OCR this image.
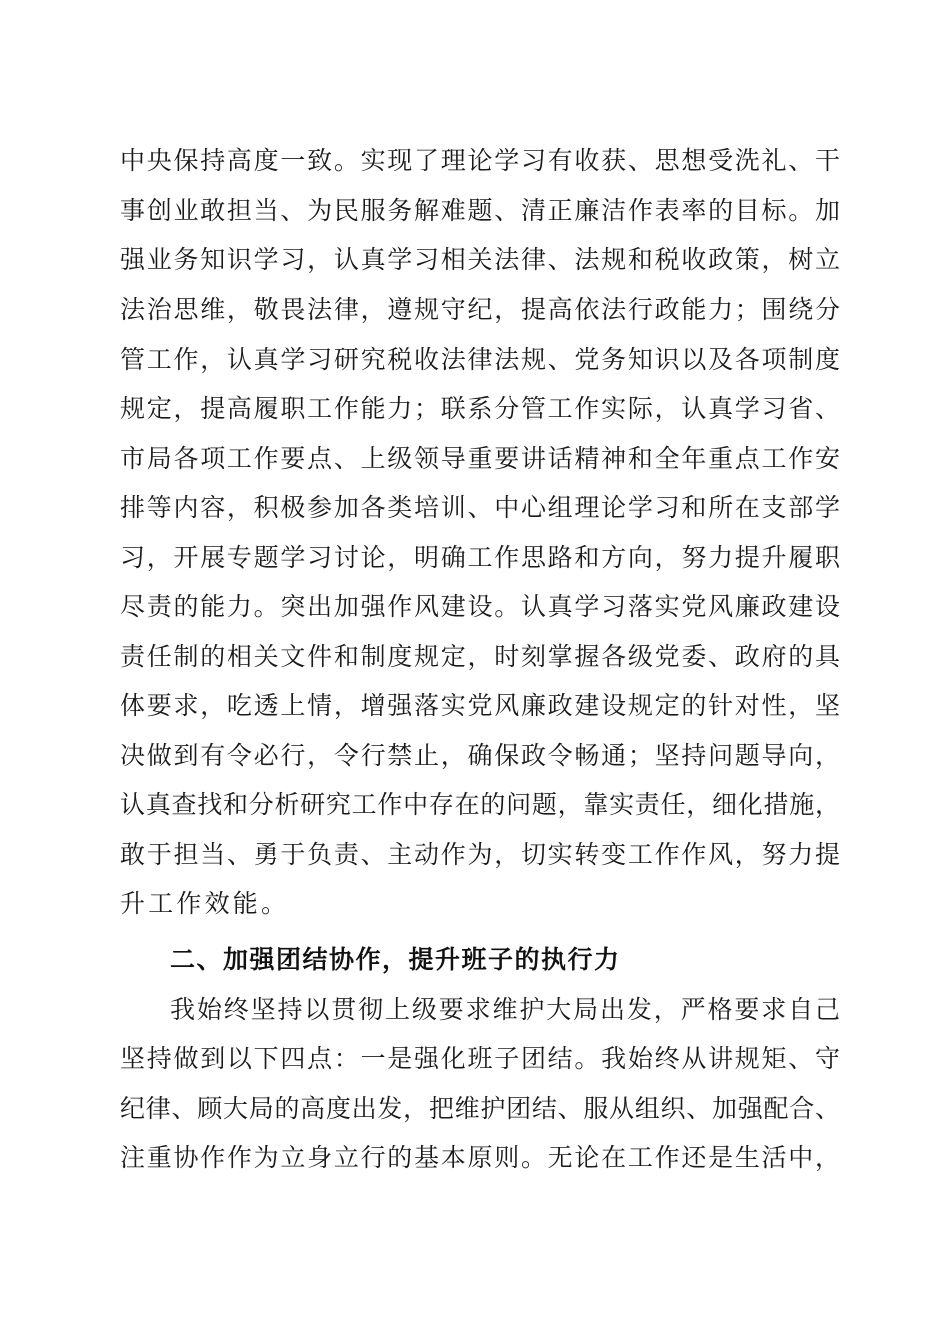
中央保持高度一致。实现了理论学习有收获、思想受洗礼、干
事创业敢担当、为民服务解难题、清正廉洁作表率的目标。加
强业务知识学习，认真学习相关法律、法规和税收政策，树立
法治思维，敬畏法律，遵规守纪，提高依法行政能力；围绕分
管工作，认真学习研究税收法律法规、党务知识以及各项制度
规定，提高履职工作能力；联系分管工作实际，认真学习省、
市局各项工作要点、上级领导重要讲话精神和全年重点工作安
排等内容，积极参加各类培训、中心组理论学习和所在支部学
习，开展专题学习讨论，明确工作思路和方向，努力提升履职
尽责的能力。突出加强作风建设。认真学习落实党风廉政建设
责任制的相关文件和制度规定，时刻掌握各级党委、政府的具
体要求，吃透上情，增强落实党风廉政建设规定的针对性，坚
决做到有令必行，令行禁止，确保政令畅通；坚持问题导向，
认真查找和分析研究工作中存在的问题，靠实责任，细化措施，
敢于担当、勇于负责、主动作为，切实转变工作作风，努力提
升工作效能。
二、加强团结协作，提升班子的执行力
我始终坚持以贯彻上级要求维护大局出发，严格要求自己
坚持做到以下四点：一是强化班子团结。我始终从讲规矩、守
纪律、顾大局的高度出发，把维护团结、服从组织、加强配合、
注重协作作为立身立行的基本原则。无论在工作还是生活中，
